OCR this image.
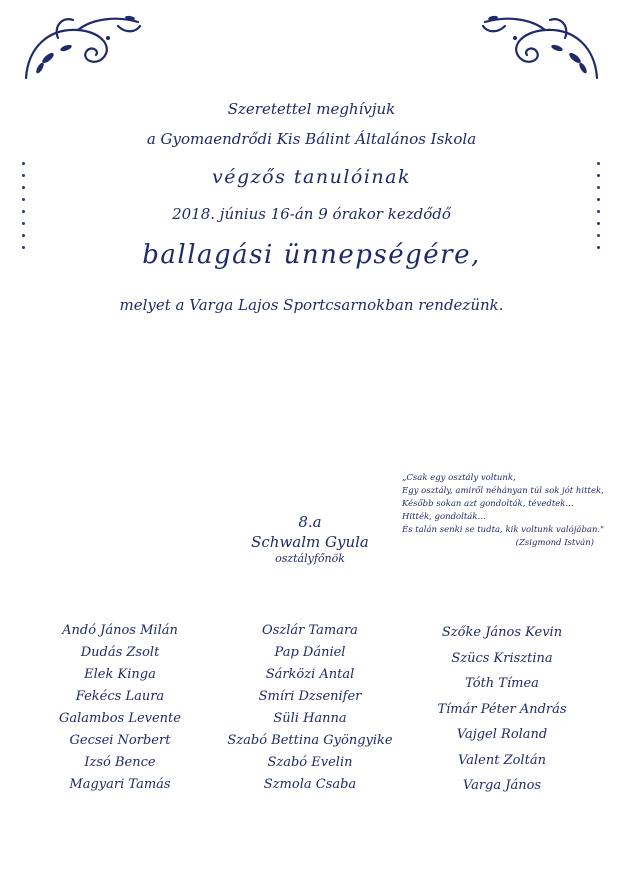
Szeretettel meghívjuk
a Gyomaendrődi Kis Bálint Általános Iskola
végzős tanulóinak
2018. június 16-án 9 órakor kezdődő
ballagási ünnepségére,
melyet a Varga Lajos Sportcsarnokban rendezünk.
„Csak egy osztály voltunk,
Egy osztály, amiről néhányan túl sok jót hittek,
Később sokan azt gondolták, tévedtek…
Hitték, gondolták…
És talán senki se tudta, kik voltunk valójában."
(Zsigmond István)
8.a
Schwalm Gyula
osztályfőnök
Andó János Milán
Dudás Zsolt
Elek Kinga
Fekécs Laura
Galambos Levente
Gecsei Norbert
Izsó Bence
Magyari Tamás
Oszlár Tamara
Pap Dániel
Sárközi Antal
Smíri Dzsenifer
Süli Hanna
Szabó Bettina Gyöngyike
Szabó Evelin
Szmola Csaba
Szőke János Kevin
Szücs Krisztina
Tóth Tímea
Tímár Péter András
Vajgel Roland
Valent Zoltán
Varga János
